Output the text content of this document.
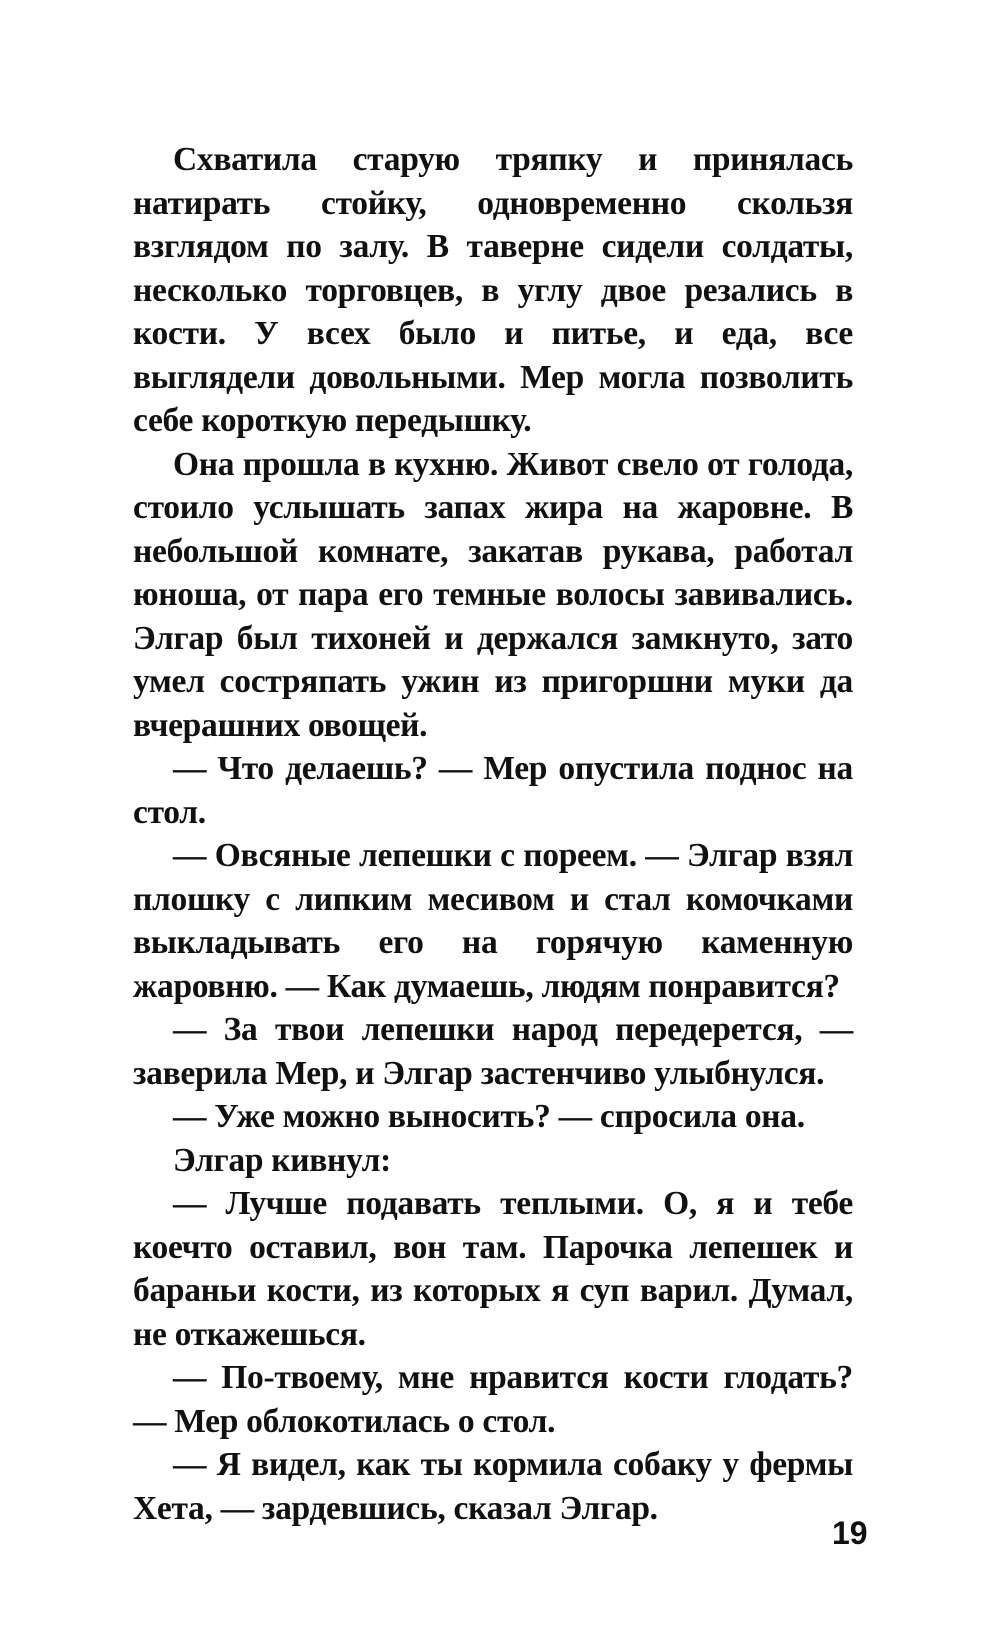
Схватила старую тряпку и принялась натирать стойку, одновременно скользя взглядом по залу. В таверне сидели солдаты, несколько торговцев, в углу двое резались в кости. У всех было и питье, и еда, все выглядели довольными. Мер могла позволить себе короткую передышку.

Она прошла в кухню. Живот свело от голода, стоило услышать запах жира на жаровне. В небольшой комнате, закатав рукава, работал юноша, от пара его темные волосы завивались. Элгар был тихоней и держался замкнуто, зато умел состряпать ужин из пригоршни муки да вчерашних овощей.

— Что делаешь? — Мер опустила поднос на стол.

— Овсяные лепешки с пореем. — Элгар взял плошку с липким месивом и стал комочками выкладывать его на горячую каменную жаровню. — Как думаешь, людям понравится?

— За твои лепешки народ передерется, — заверила Мер, и Элгар застенчиво улыбнулся.

— Уже можно выносить? — спросила она.

Элгар кивнул:

— Лучше подавать теплыми. О, я и тебе коечто оставил, вон там. Парочка лепешек и бараньи кости, из которых я суп варил. Думал, не откажешься.

— По-твоему, мне нравится кости глодать? — Мер облокотилась о стол.

— Я видел, как ты кормила собаку у фермы Хета, — зардевшись, сказал Элгар.

19
